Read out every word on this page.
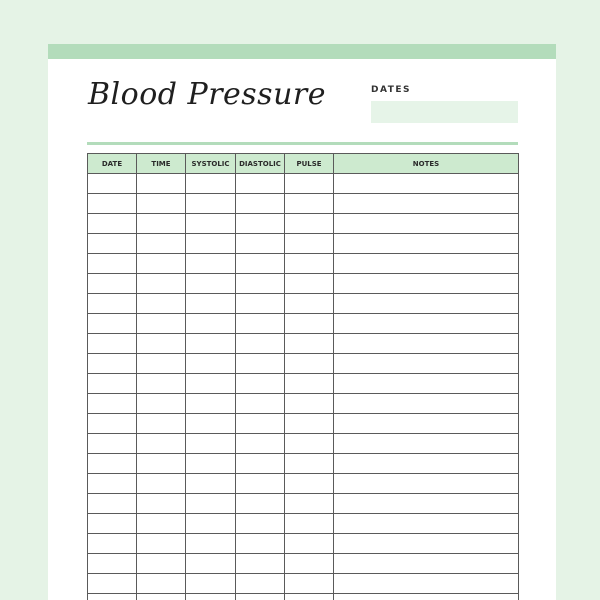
Blood Pressure	DATES
DATE	TIME	SYSTOLIC	DIASTOLIC	PULSE	NOTES
